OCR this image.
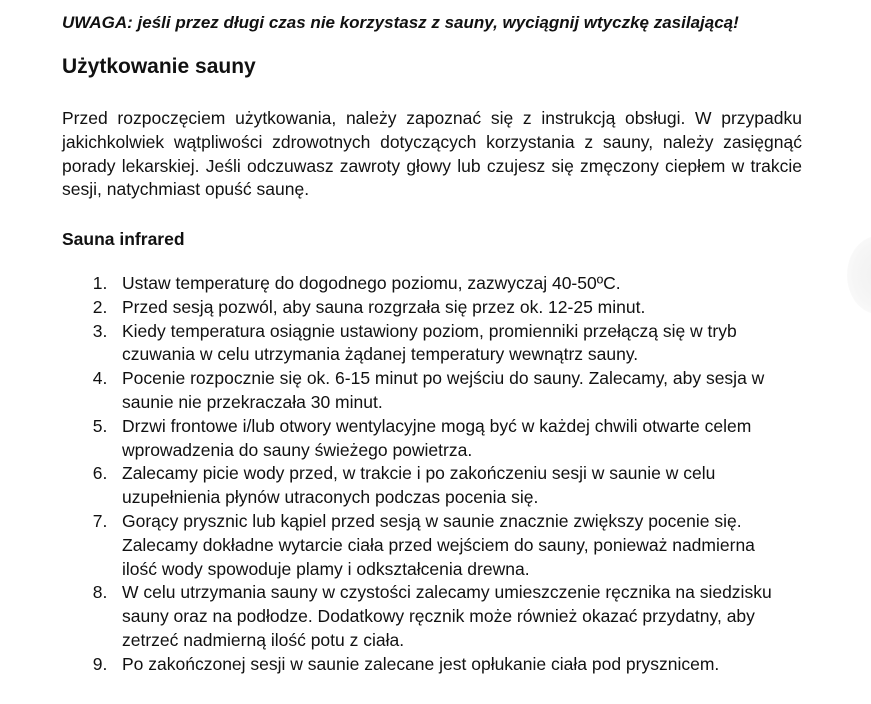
UWAGA: jeśli przez długi czas nie korzystasz z sauny, wyciągnij wtyczkę zasilającą!
Użytkowanie sauny

Przed rozpoczęciem użytkowania, należy zapoznać się z instrukcją obsługi. W przypadku jakichkolwiek wątpliwości zdrowotnych dotyczących korzystania z sauny, należy zasięgnąć porady lekarskiej. Jeśli odczuwasz zawroty głowy lub czujesz się zmęczony ciepłem w trakcie sesji, natychmiast opuść saunę.

Sauna infrared
1. Ustaw temperaturę do dogodnego poziomu, zazwyczaj 40-50ºC.
2. Przed sesją pozwól, aby sauna rozgrzała się przez ok. 12-25 minut.
3. Kiedy temperatura osiągnie ustawiony poziom, promienniki przełączą się w tryb czuwania w celu utrzymania żądanej temperatury wewnątrz sauny.
4. Pocenie rozpocznie się ok. 6-15 minut po wejściu do sauny. Zalecamy, aby sesja w saunie nie przekraczała 30 minut.
5. Drzwi frontowe i/lub otwory wentylacyjne mogą być w każdej chwili otwarte celem wprowadzenia do sauny świeżego powietrza.
6. Zalecamy picie wody przed, w trakcie i po zakończeniu sesji w saunie w celu uzupełnienia płynów utraconych podczas pocenia się.
7. Gorący prysznic lub kąpiel przed sesją w saunie znacznie zwiększy pocenie się. Zalecamy dokładne wytarcie ciała przed wejściem do sauny, ponieważ nadmierna ilość wody spowoduje plamy i odkształcenia drewna.
8. W celu utrzymania sauny w czystości zalecamy umieszczenie ręcznika na siedzisku sauny oraz na podłodze. Dodatkowy ręcznik może również okazać przydatny, aby zetrzeć nadmierną ilość potu z ciała.
9. Po zakończonej sesji w saunie zalecane jest opłukanie ciała pod prysznicem.
